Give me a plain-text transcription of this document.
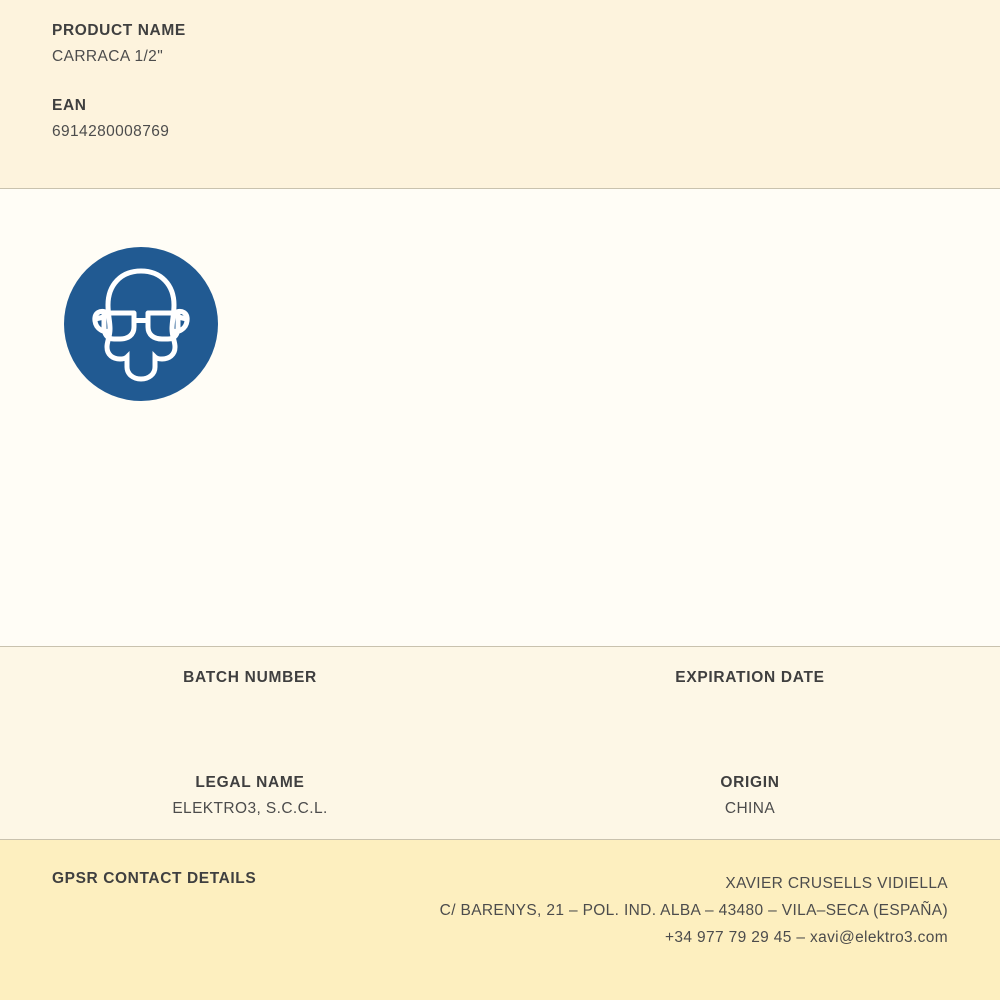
PRODUCT NAME

CARRACA 1/2"

EAN

6914280008769

BATCH NUMBER	EXPIRATION DATE

LEGAL NAME

ELEKTRO3, S.C.C.L.

ORIGIN

CHINA

GPSR CONTACT DETAILS	XAVIER CRUSELLS VIDIELLA
C/ BARENYS, 21 – POL. IND. ALBA – 43480 – VILA–SECA (ESPAÑA)
+34 977 79 29 45 – xavi@elektro3.com
